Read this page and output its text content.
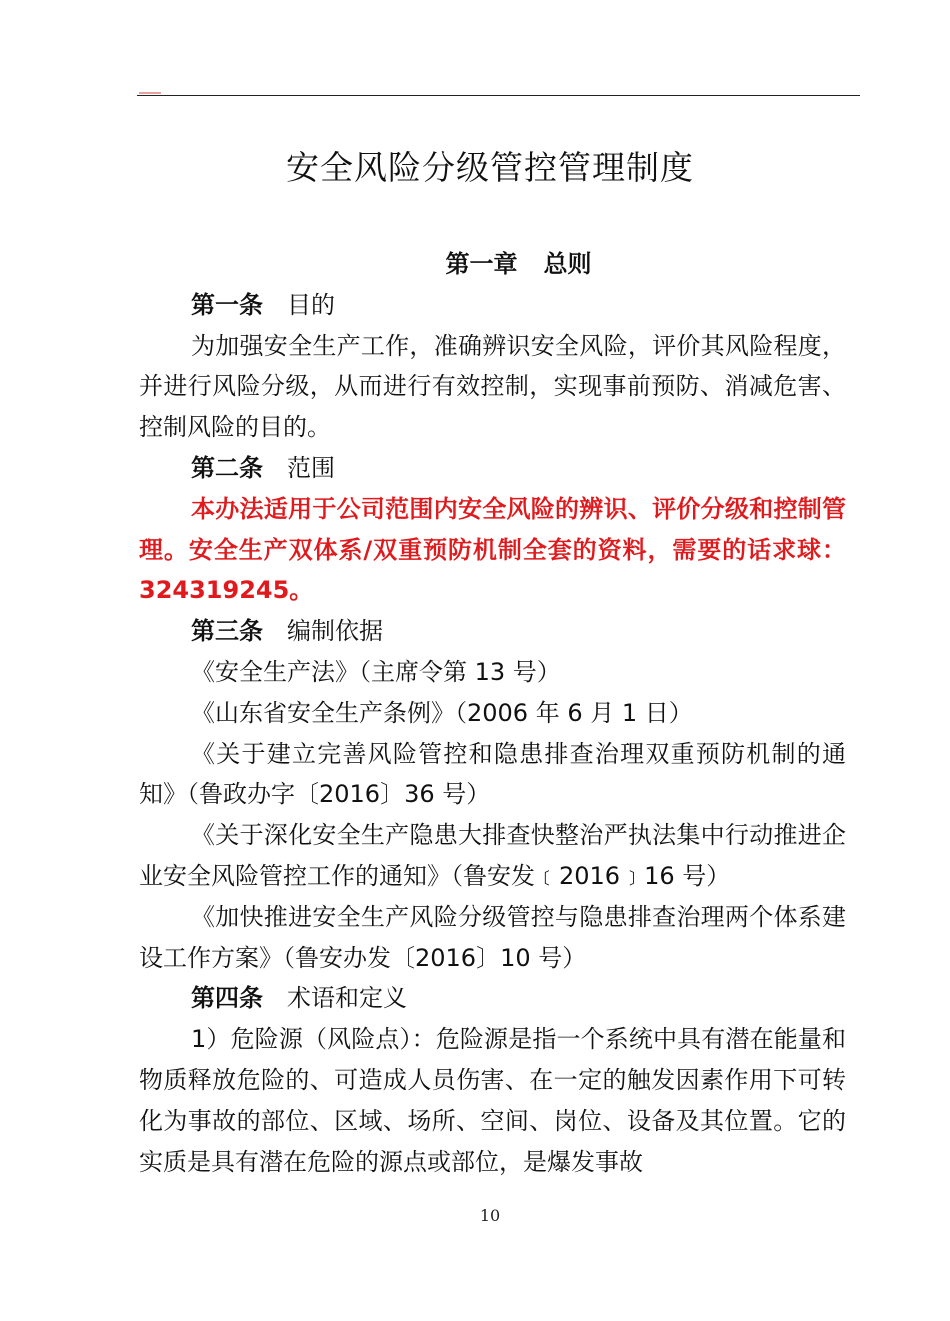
安全风险分级管控管理制度

第一章 总则

第一条 目的

为加强安全生产工作，准确辨识安全风险，评价其风险程度，并进行风险分级，从而进行有效控制，实现事前预防、消减危害、控制风险的目的。

第二条 范围

本办法适用于公司范围内安全风险的辨识、评价分级和控制管理。安全生产双体系/双重预防机制全套的资料，需要的话求球：324319245。

第三条 编制依据

《安全生产法》（主席令第 13 号）

《山东省安全生产条例》（2006 年 6 月 1 日）

《关于建立完善风险管控和隐患排查治理双重预防机制的通知》（鲁政办字〔2016〕36 号）

《关于深化安全生产隐患大排查快整治严执法集中行动推进企业安全风险管控工作的通知》（鲁安发﹝2016﹞16 号）

《加快推进安全生产风险分级管控与隐患排查治理两个体系建设工作方案》（鲁安办发〔2016〕10 号）

第四条 术语和定义

1）危险源（风险点）：危险源是指一个系统中具有潜在能量和物质释放危险的、可造成人员伤害、在一定的触发因素作用下可转化为事故的部位、区域、场所、空间、岗位、设备及其位置。它的实质是具有潜在危险的源点或部位，是爆发事故

10
